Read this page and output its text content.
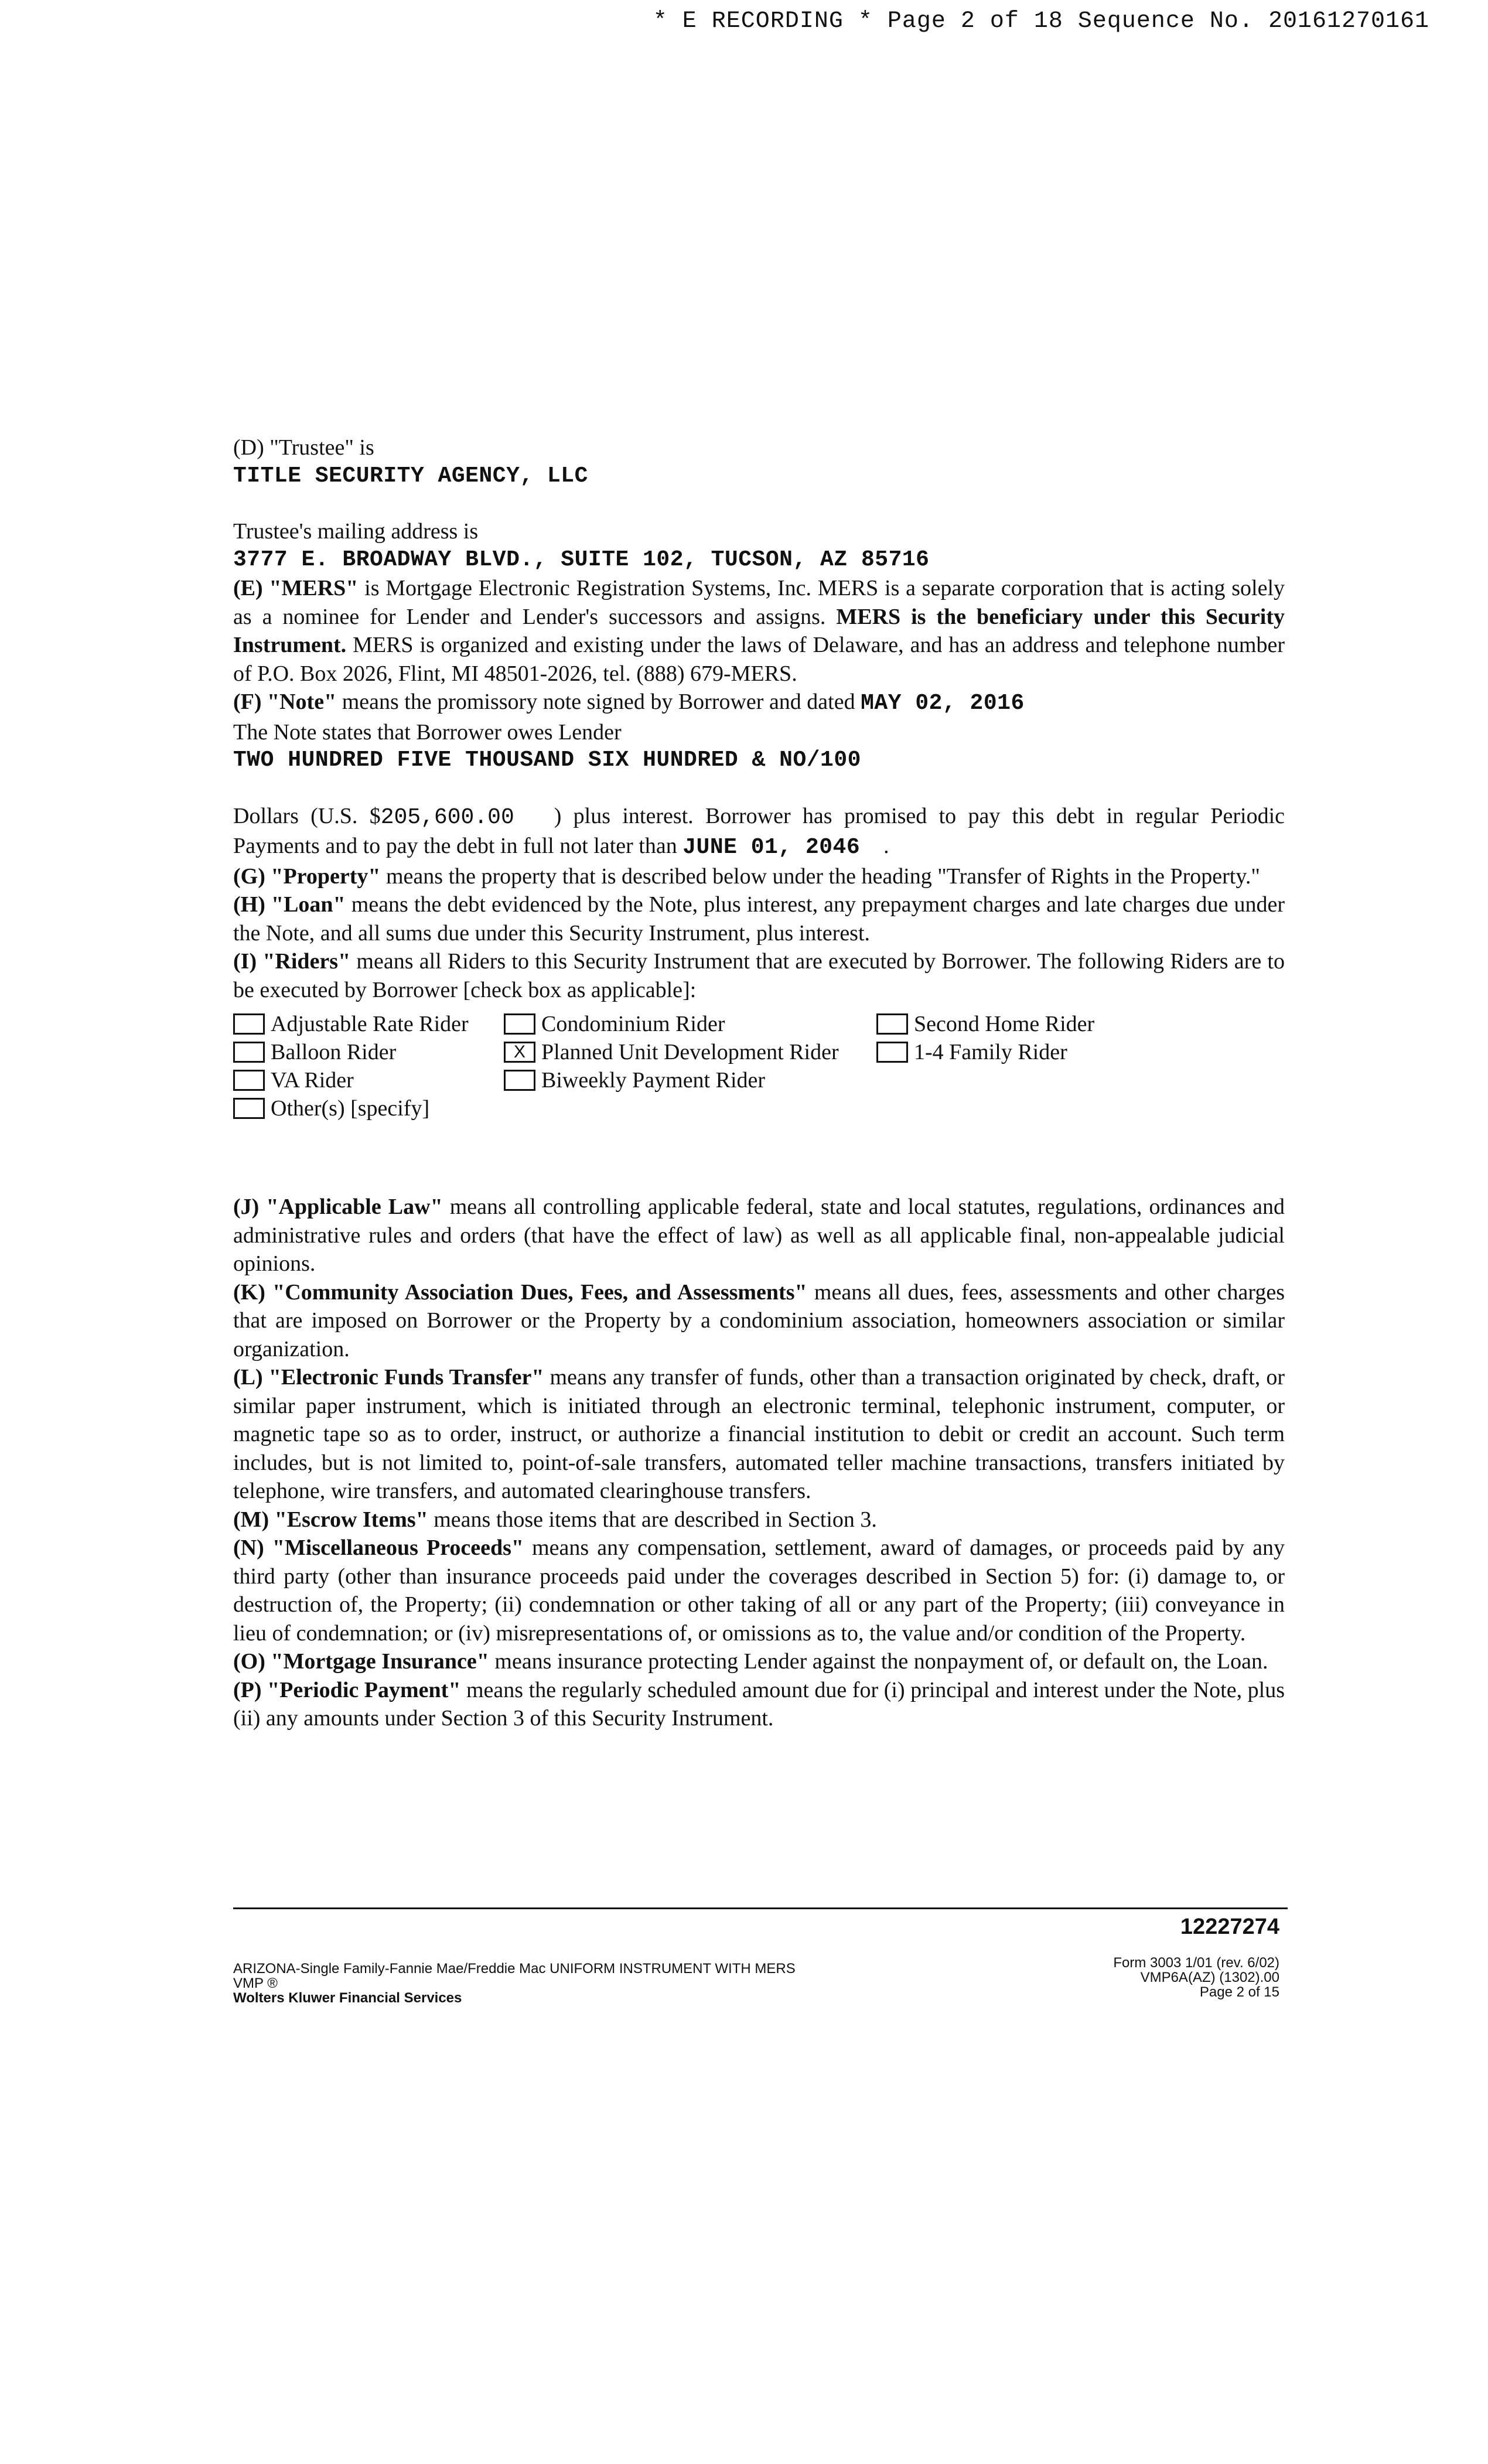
* E RECORDING * Page 2 of 18 Sequence No. 20161270161

(D) "Trustee" is

TITLE SECURITY AGENCY, LLC

Trustee's mailing address is

3777 E. BROADWAY BLVD., SUITE 102, TUCSON, AZ 85716

(E) "MERS" is Mortgage Electronic Registration Systems, Inc. MERS is a separate corporation that is acting solely as a nominee for Lender and Lender's successors and assigns. MERS is the beneficiary under this Security Instrument. MERS is organized and existing under the laws of Delaware, and has an address and telephone number of P.O. Box 2026, Flint, MI 48501-2026, tel. (888) 679-MERS.

(F) "Note" means the promissory note signed by Borrower and dated MAY 02, 2016

The Note states that Borrower owes Lender

TWO HUNDRED FIVE THOUSAND SIX HUNDRED & NO/100

Dollars (U.S. $205,600.00 ) plus interest. Borrower has promised to pay this debt in regular Periodic Payments and to pay the debt in full not later than JUNE 01, 2046 .

(G) "Property" means the property that is described below under the heading "Transfer of Rights in the Property."

(H) "Loan" means the debt evidenced by the Note, plus interest, any prepayment charges and late charges due under the Note, and all sums due under this Security Instrument, plus interest.

(I) "Riders" means all Riders to this Security Instrument that are executed by Borrower. The following Riders are to be executed by Borrower [check box as applicable]:

Adjustable Rate Rider
Balloon Rider
VA Rider
Other(s) [specify]
Condominium Rider
X Planned Unit Development Rider
Biweekly Payment Rider
Second Home Rider
1-4 Family Rider

(J) "Applicable Law" means all controlling applicable federal, state and local statutes, regulations, ordinances and administrative rules and orders (that have the effect of law) as well as all applicable final, non-appealable judicial opinions.

(K) "Community Association Dues, Fees, and Assessments" means all dues, fees, assessments and other charges that are imposed on Borrower or the Property by a condominium association, homeowners association or similar organization.

(L) "Electronic Funds Transfer" means any transfer of funds, other than a transaction originated by check, draft, or similar paper instrument, which is initiated through an electronic terminal, telephonic instrument, computer, or magnetic tape so as to order, instruct, or authorize a financial institution to debit or credit an account. Such term includes, but is not limited to, point-of-sale transfers, automated teller machine transactions, transfers initiated by telephone, wire transfers, and automated clearinghouse transfers.

(M) "Escrow Items" means those items that are described in Section 3.

(N) "Miscellaneous Proceeds" means any compensation, settlement, award of damages, or proceeds paid by any third party (other than insurance proceeds paid under the coverages described in Section 5) for: (i) damage to, or destruction of, the Property; (ii) condemnation or other taking of all or any part of the Property; (iii) conveyance in lieu of condemnation; or (iv) misrepresentations of, or omissions as to, the value and/or condition of the Property.

(O) "Mortgage Insurance" means insurance protecting Lender against the nonpayment of, or default on, the Loan.

(P) "Periodic Payment" means the regularly scheduled amount due for (i) principal and interest under the Note, plus (ii) any amounts under Section 3 of this Security Instrument.

12227274
ARIZONA-Single Family-Fannie Mae/Freddie Mac UNIFORM INSTRUMENT WITH MERS
VMP ®
Wolters Kluwer Financial Services
Form 3003 1/01 (rev. 6/02)
VMP6A(AZ) (1302).00
Page 2 of 15
